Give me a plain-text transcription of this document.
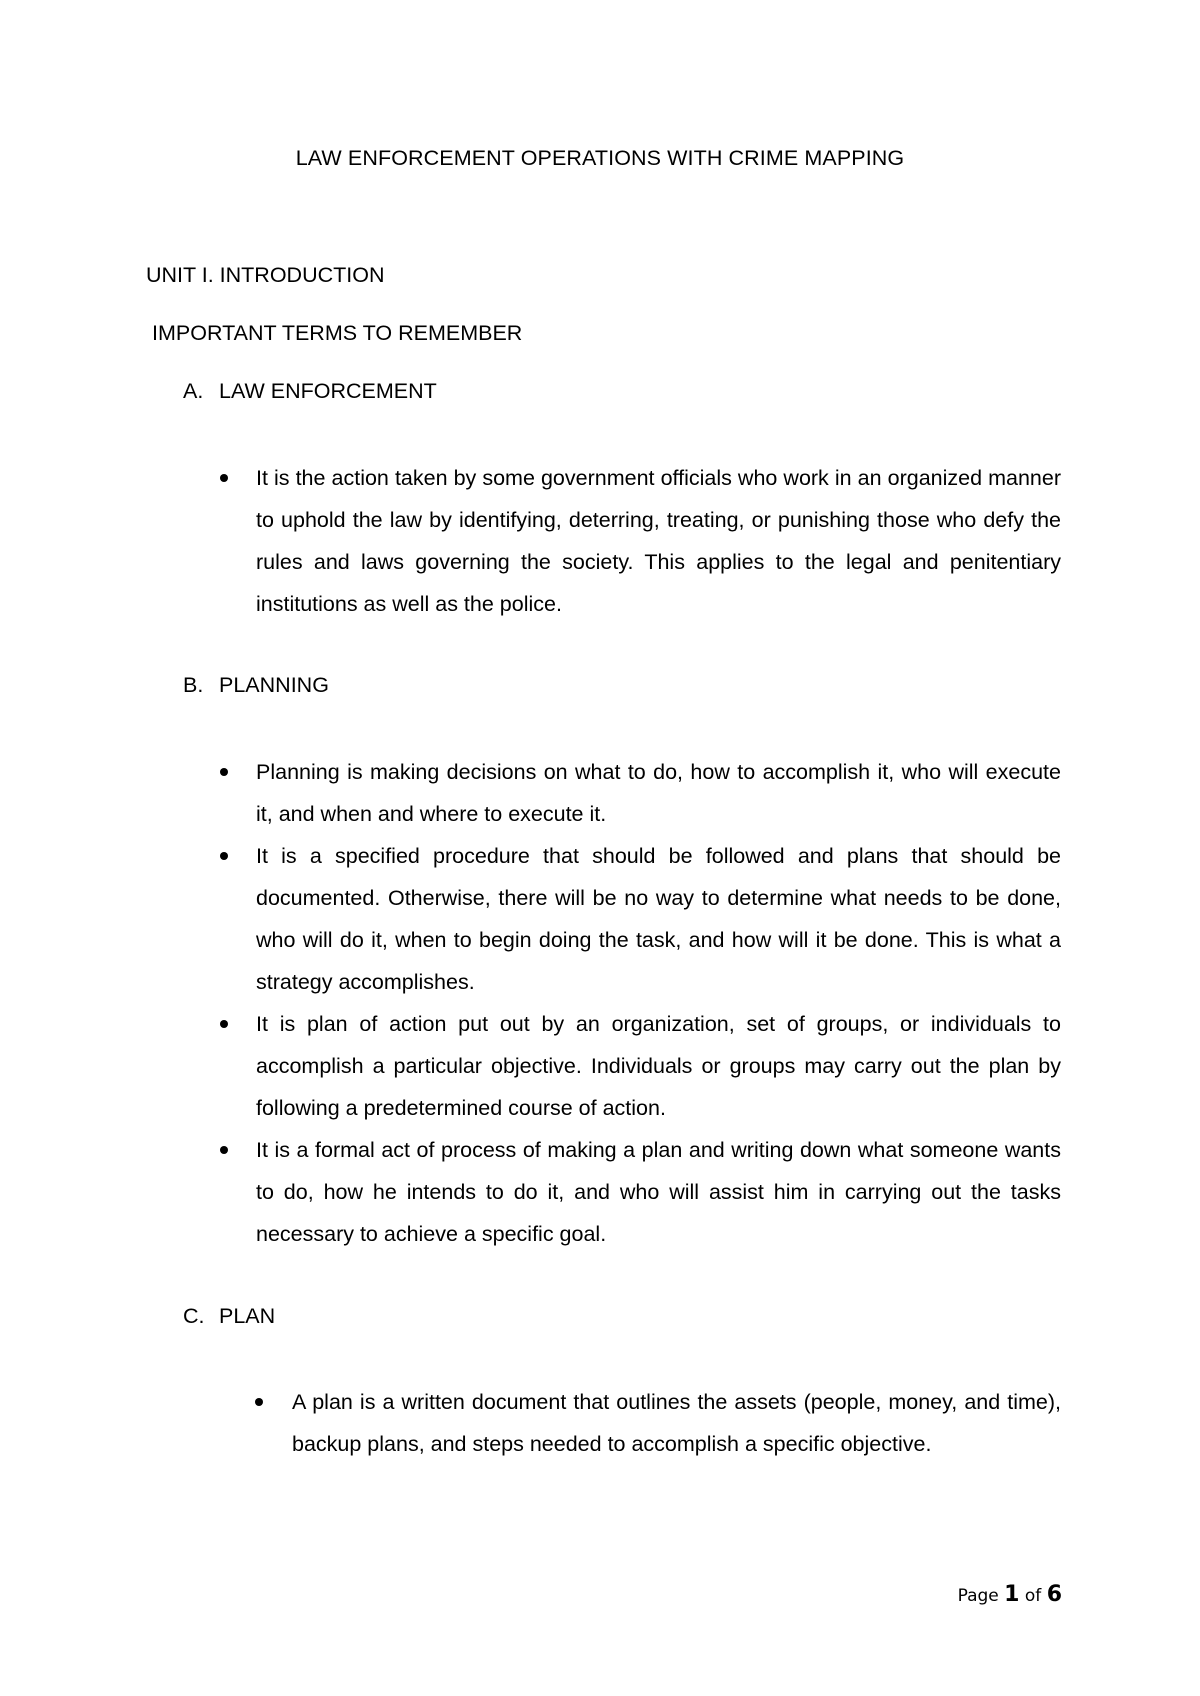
LAW ENFORCEMENT OPERATIONS WITH CRIME MAPPING
UNIT I. INTRODUCTION
IMPORTANT TERMS TO REMEMBER
A. LAW ENFORCEMENT
It is the action taken by some government officials who work in an organized manner to uphold the law by identifying, deterring, treating, or punishing those who defy the rules and laws governing the society. This applies to the legal and penitentiary institutions as well as the police.
B. PLANNING
Planning is making decisions on what to do, how to accomplish it, who will execute it, and when and where to execute it.
It is a specified procedure that should be followed and plans that should be documented. Otherwise, there will be no way to determine what needs to be done, who will do it, when to begin doing the task, and how will it be done. This is what a strategy accomplishes.
It is plan of action put out by an organization, set of groups, or individuals to accomplish a particular objective. Individuals or groups may carry out the plan by following a predetermined course of action.
It is a formal act of process of making a plan and writing down what someone wants to do, how he intends to do it, and who will assist him in carrying out the tasks necessary to achieve a specific goal.
C. PLAN
A plan is a written document that outlines the assets (people, money, and time), backup plans, and steps needed to accomplish a specific objective.
Page 1 of 6
